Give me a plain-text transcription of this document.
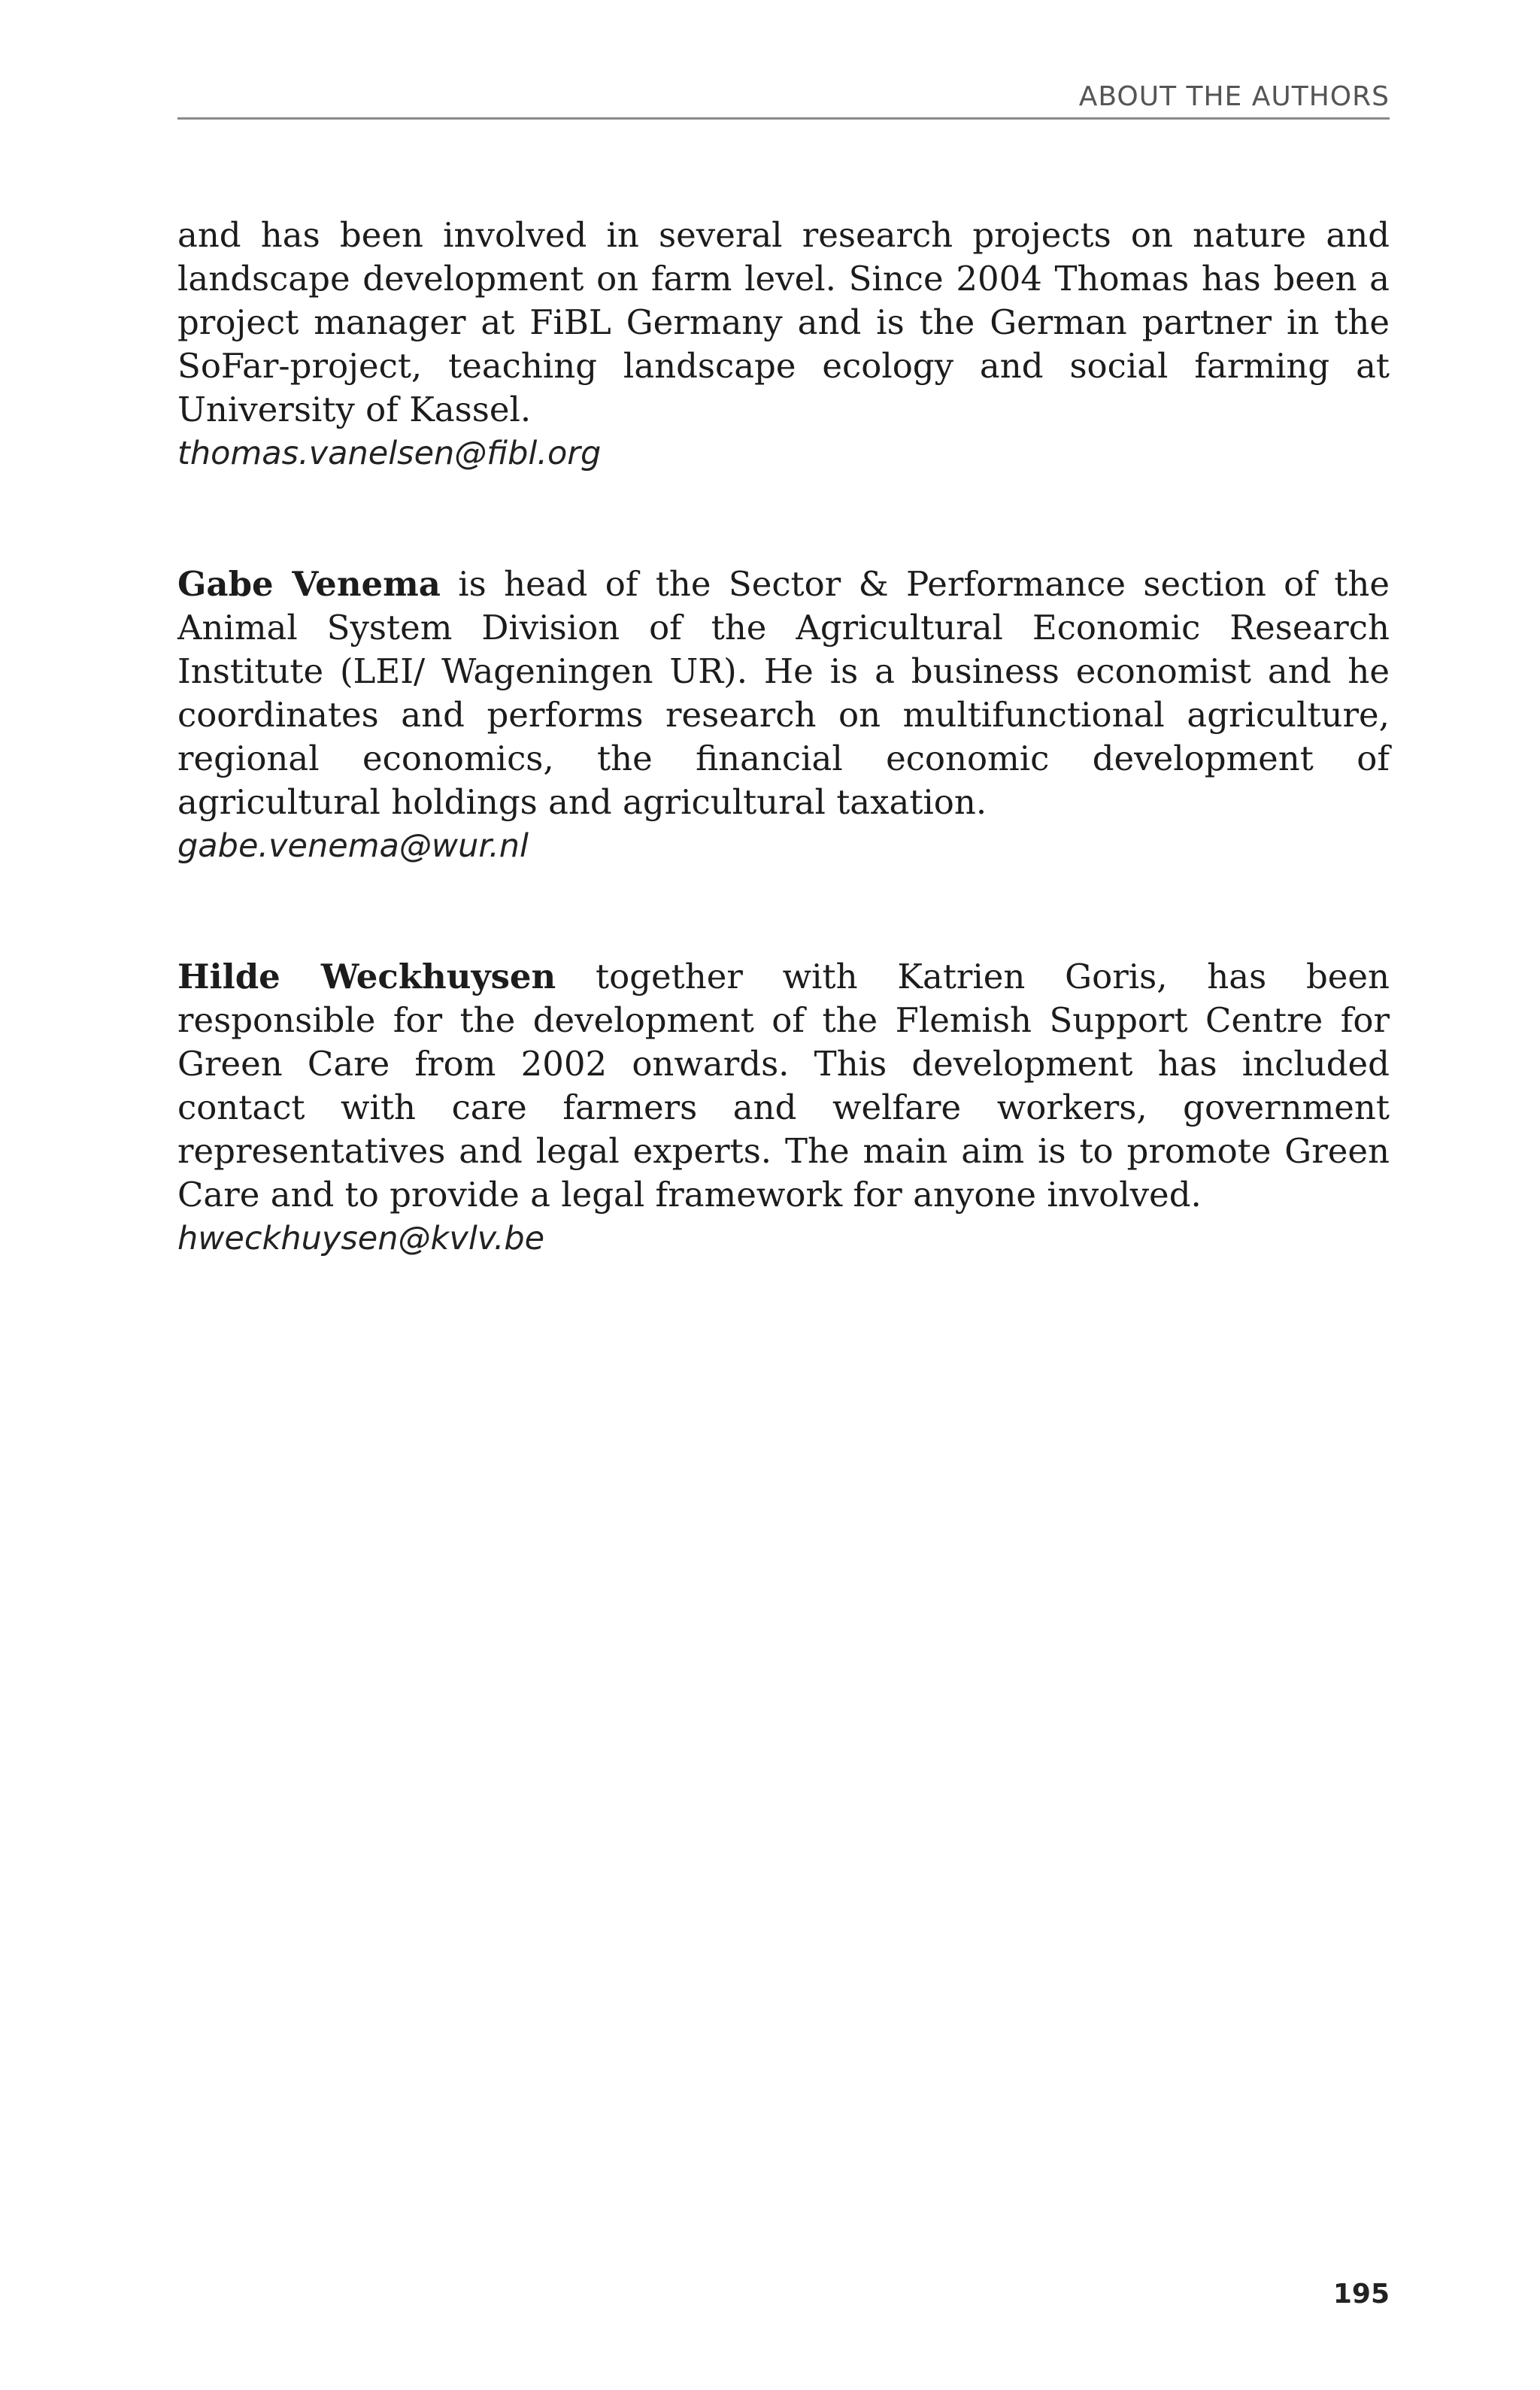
ABOUT THE AUTHORS

and has been involved in several research projects on nature and landscape development on farm level. Since 2004 Thomas has been a project manager at FiBL Germany and is the German partner in the SoFar-project, teaching landscape ecology and social farming at University of Kassel.

thomas.vanelsen@fibl.org

Gabe Venema is head of the Sector & Performance section of the Animal System Division of the Agricultural Economic Research Institute (LEI/ Wageningen UR). He is a business economist and he coordinates and performs research on multifunctional agriculture, regional economics, the financial economic development of agricultural holdings and agricultural taxation.

gabe.venema@wur.nl

Hilde Weckhuysen together with Katrien Goris, has been responsible for the development of the Flemish Support Centre for Green Care from 2002 onwards. This development has included contact with care farmers and welfare workers, government representatives and legal experts. The main aim is to promote Green Care and to provide a legal framework for anyone involved.

hweckhuysen@kvlv.be

195
